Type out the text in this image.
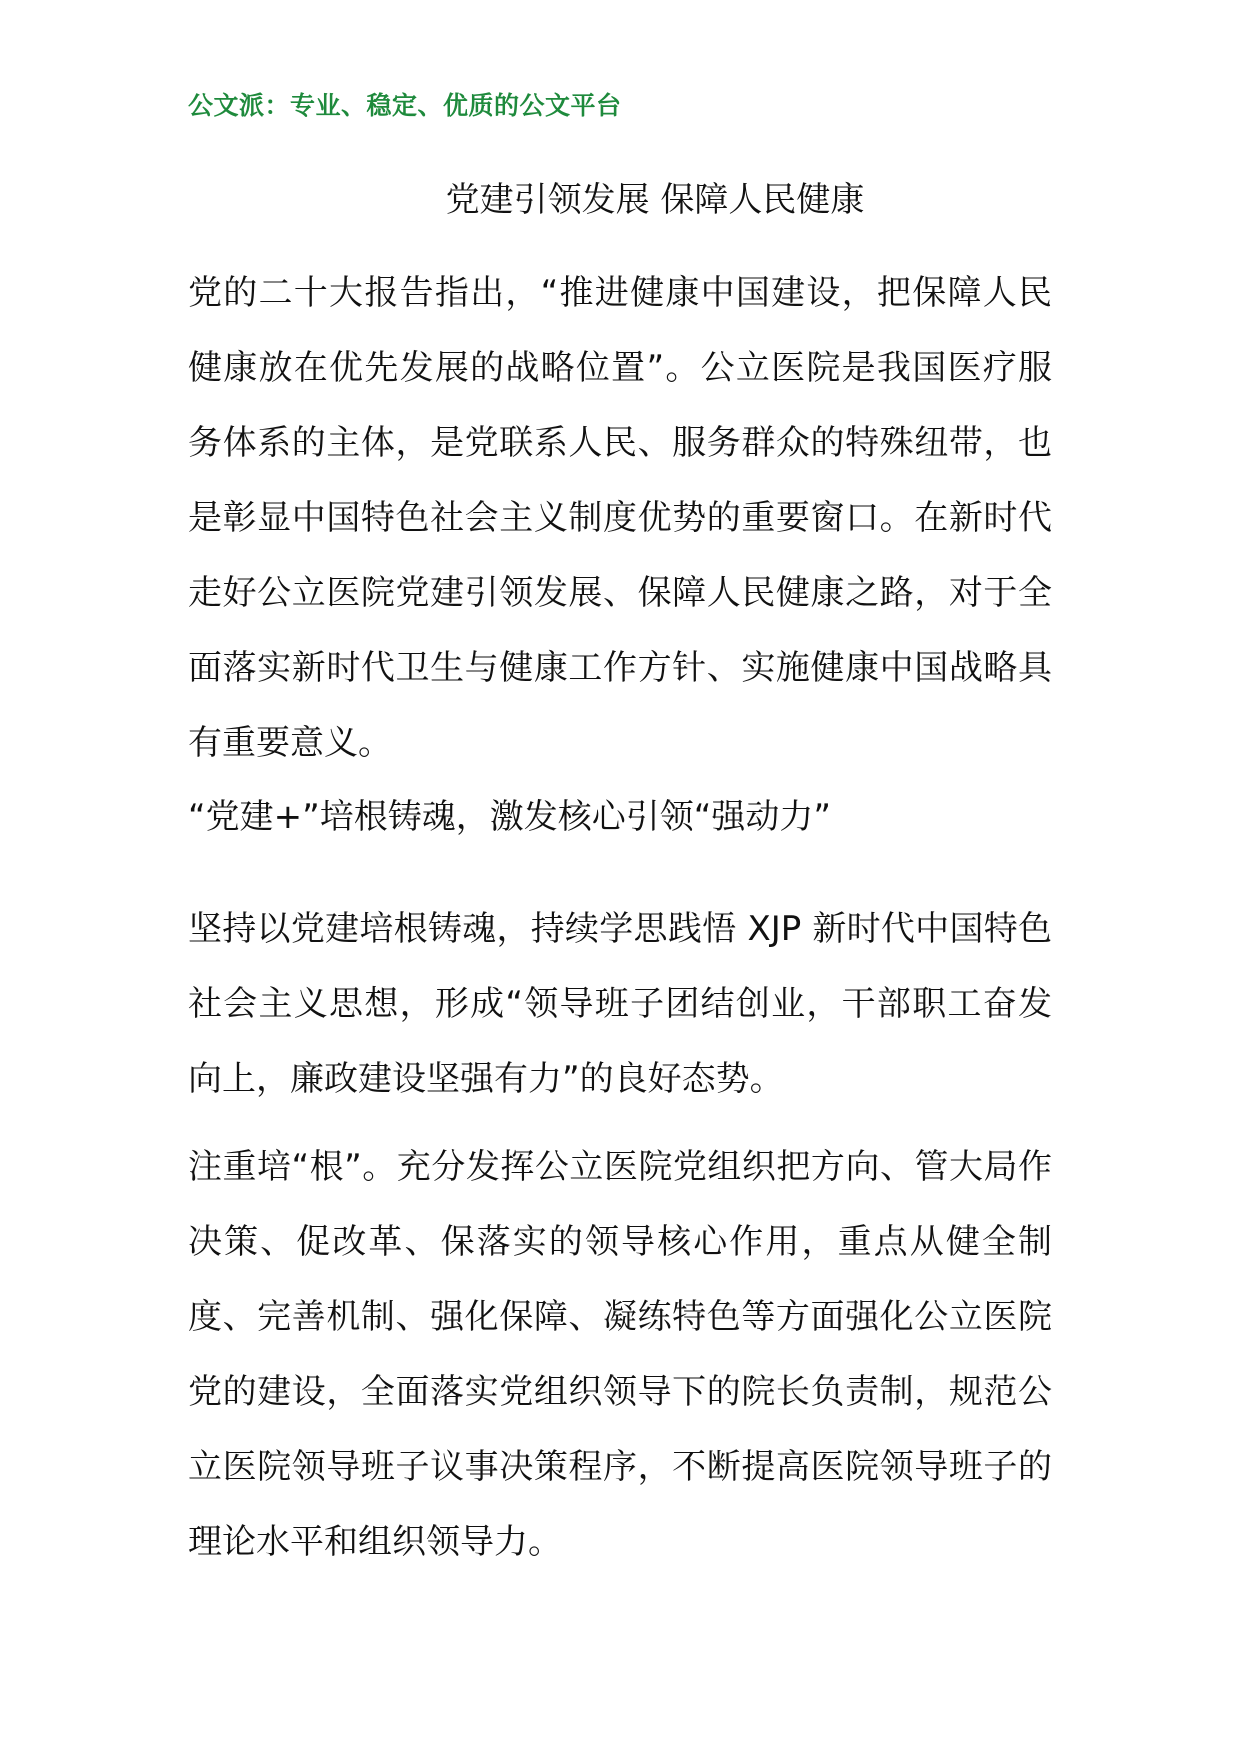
公文派：专业、稳定、优质的公文平台
党建引领发展 保障人民健康

党的二十大报告指出，“推进健康中国建设，把保障人民健康放在优先发展的战略位置”。公立医院是我国医疗服务体系的主体，是党联系人民、服务群众的特殊纽带，也是彰显中国特色社会主义制度优势的重要窗口。在新时代走好公立医院党建引领发展、保障人民健康之路，对于全面落实新时代卫生与健康工作方针、实施健康中国战略具有重要意义。

“党建+”培根铸魂，激发核心引领“强动力”

坚持以党建培根铸魂，持续学思践悟 XJP 新时代中国特色社会主义思想，形成“领导班子团结创业，干部职工奋发向上，廉政建设坚强有力”的良好态势。

注重培“根”。充分发挥公立医院党组织把方向、管大局作决策、促改革、保落实的领导核心作用，重点从健全制度、完善机制、强化保障、凝练特色等方面强化公立医院党的建设，全面落实党组织领导下的院长负责制，规范公立医院领导班子议事决策程序，不断提高医院领导班子的理论水平和组织领导力。
